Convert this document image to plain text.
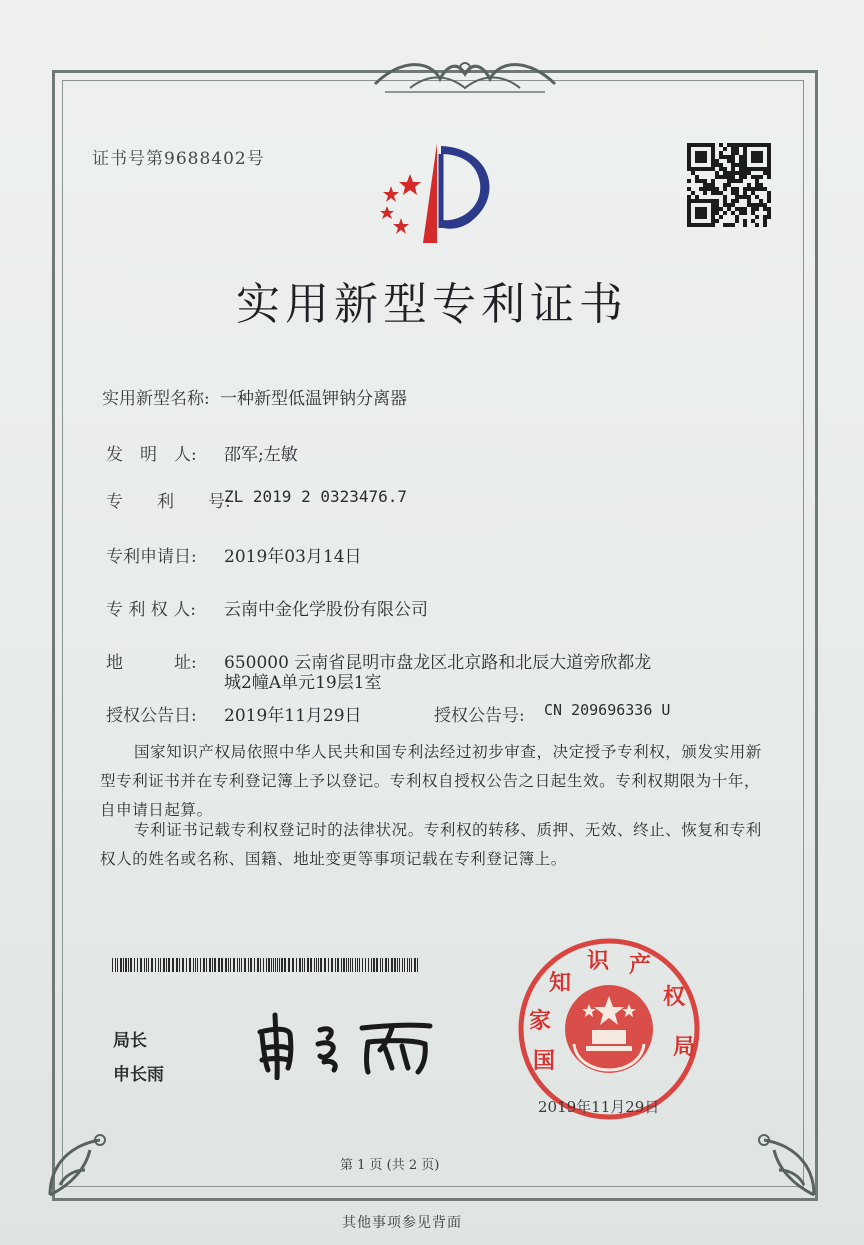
证书号第9688402号
实用新型专利证书
实用新型名称: 一种新型低温钾钠分离器
发　明　人: 邵军;左敏
专　　利　　号:
ZL 2019 2 0323476.7
专利申请日: 2019年03月14日
专 利 权 人: 云南中金化学股份有限公司
地　　　址: 650000 云南省昆明市盘龙区北京路和北辰大道旁欣都龙
城2幢A单元19层1室
授权公告日: 2019年11月29日	授权公告号: CN 209696336 U
国家知识产权局依照中华人民共和国专利法经过初步审查，决定授予专利权，颁发实用新型专利证书并在专利登记簿上予以登记。专利权自授权公告之日起生效。专利权期限为十年，自申请日起算。
专利证书记载专利权登记时的法律状况。专利权的转移、质押、无效、终止、恢复和专利权人的姓名或名称、国籍、地址变更等事项记载在专利登记簿上。
国
家
知
识 产
权
局
2019年11月29日
局长
申长雨
第 1 页 (共 2 页)
其他事项参见背面
